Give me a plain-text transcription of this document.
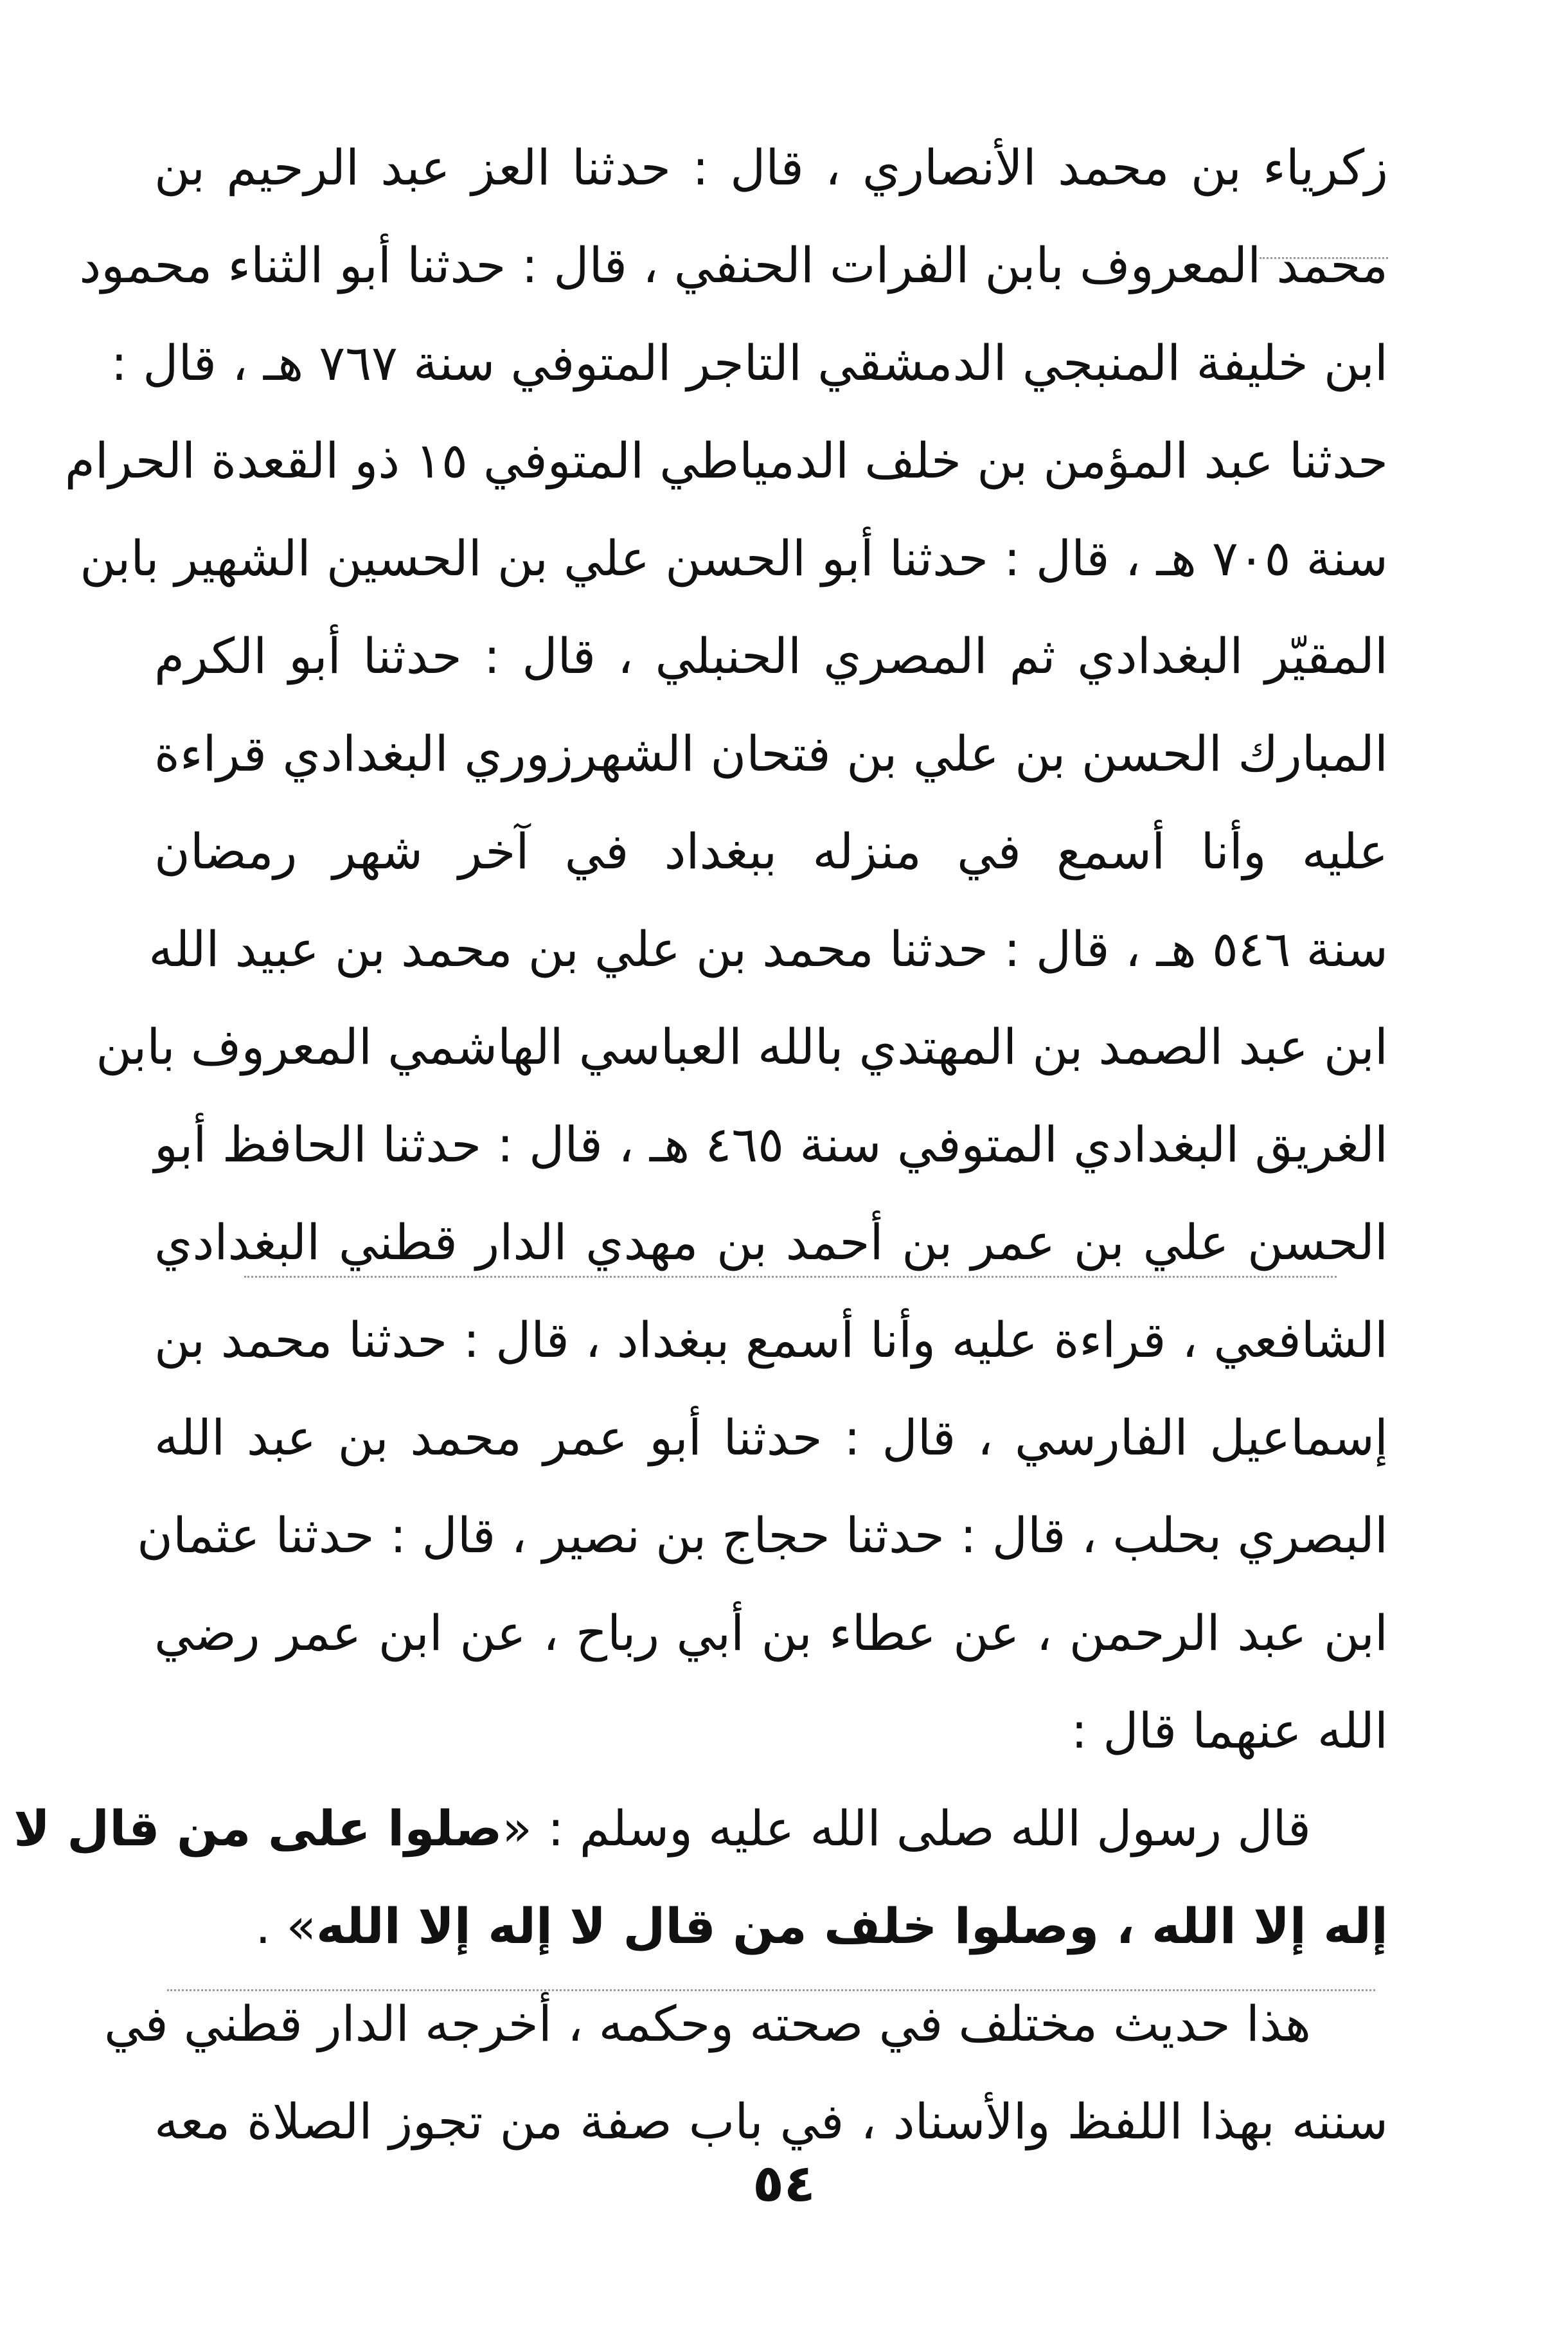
زكرياء بن محمد الأنصاري ، قال : حدثنا العز عبد الرحيم بن
محمد المعروف بابن الفرات الحنفي ، قال : حدثنا أبو الثناء محمود
ابن خليفة المنبجي الدمشقي التاجر المتوفي سنة ٧٦٧ هـ ، قال :
حدثنا عبد المؤمن بن خلف الدمياطي المتوفي ١٥ ذو القعدة الحرام
سنة ٧٠٥ هـ ، قال : حدثنا أبو الحسن علي بن الحسين الشهير بابن
المقيّر البغدادي ثم المصري الحنبلي ، قال : حدثنا أبو الكرم
المبارك الحسن بن علي بن فتحان الشهرزوري البغدادي قراءة
عليه وأنا أسمع في منزله ببغداد في آخر شهر رمضان
سنة ٥٤٦ هـ ، قال : حدثنا محمد بن علي بن محمد بن عبيد الله
ابن عبد الصمد بن المهتدي بالله العباسي الهاشمي المعروف بابن
الغريق البغدادي المتوفي سنة ٤٦٥ هـ ، قال : حدثنا الحافظ أبو
الحسن علي بن عمر بن أحمد بن مهدي الدار قطني البغدادي
الشافعي ، قراءة عليه وأنا أسمع ببغداد ، قال : حدثنا محمد بن
إسماعيل الفارسي ، قال : حدثنا أبو عمر محمد بن عبد الله
البصري بحلب ، قال : حدثنا حجاج بن نصير ، قال : حدثنا عثمان
ابن عبد الرحمن ، عن عطاء بن أبي رباح ، عن ابن عمر رضي
الله عنهما قال :
قال رسول الله صلى الله عليه وسلم : «صلوا على من قال لا
إله إلا الله ، وصلوا خلف من قال لا إله إلا الله» .
هذا حديث مختلف في صحته وحكمه ، أخرجه الدار قطني في
سننه بهذا اللفظ والأسناد ، في باب صفة من تجوز الصلاة معه
٥٤
